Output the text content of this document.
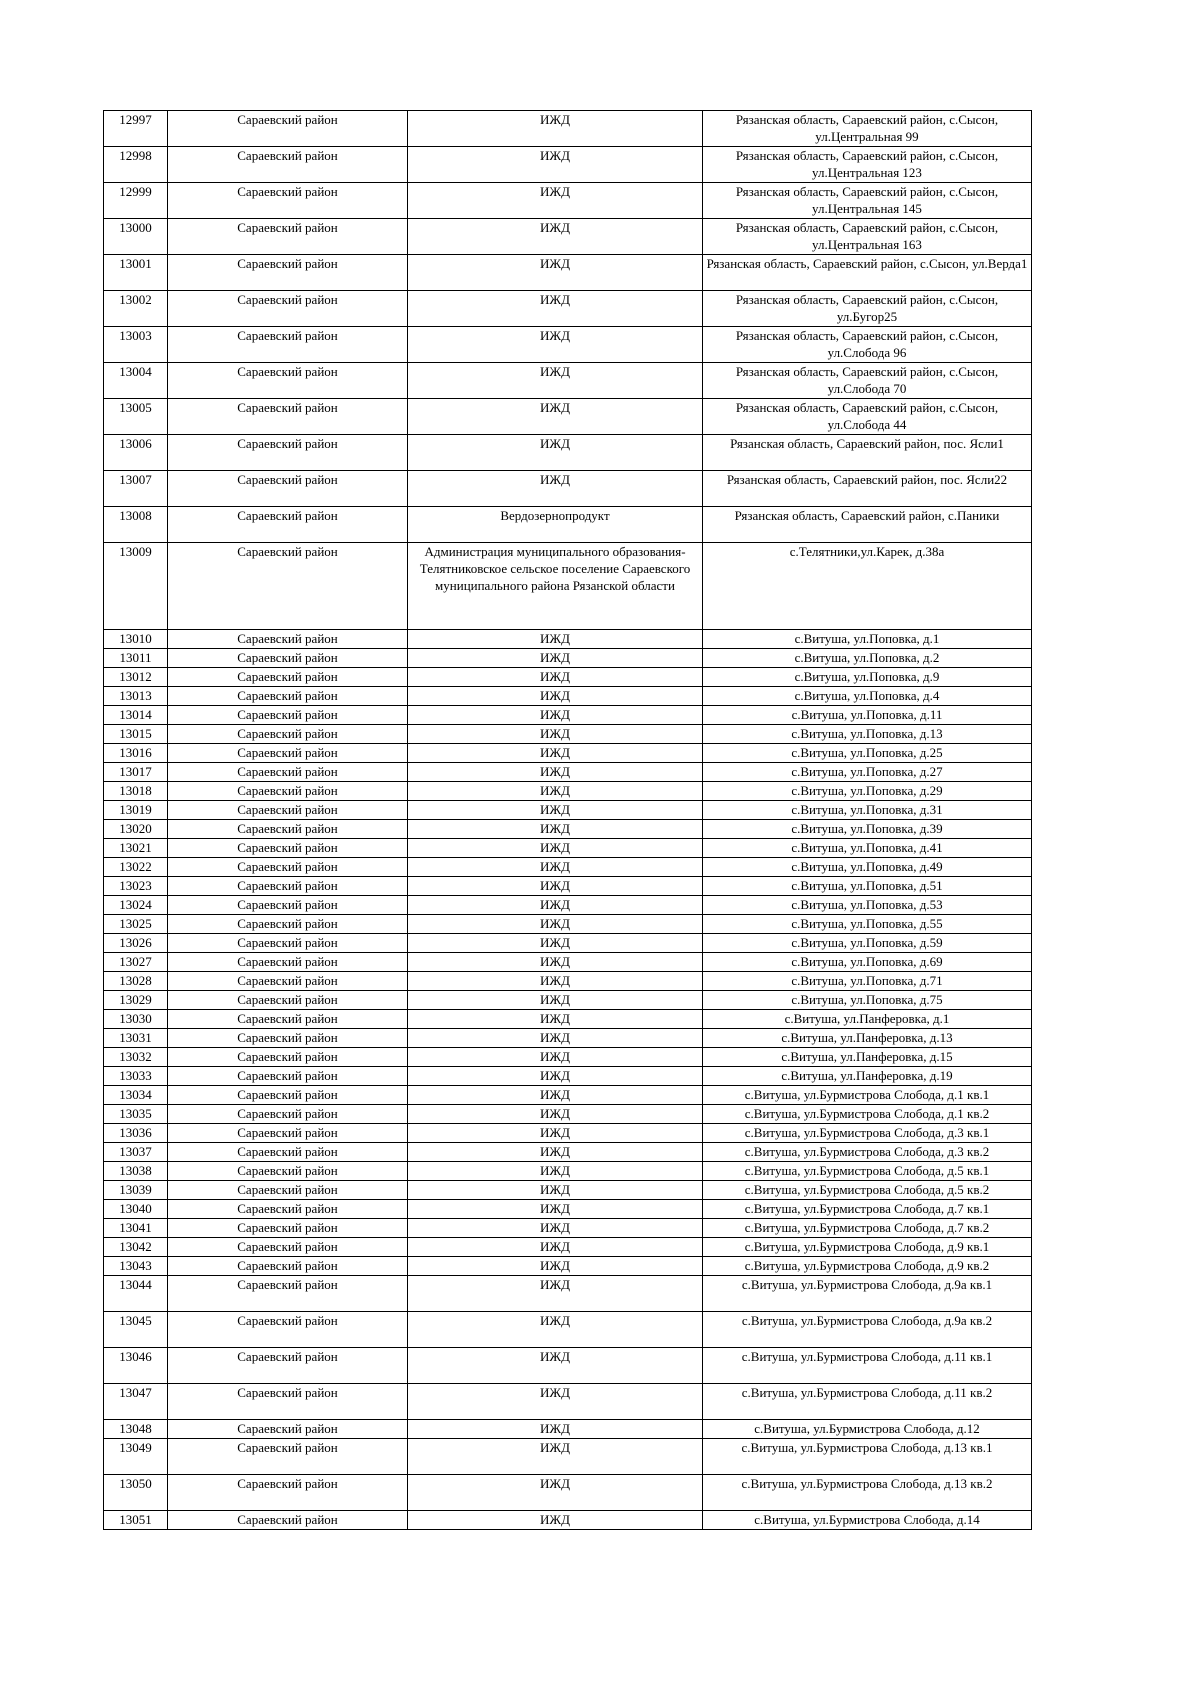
12997	Сараевский район	ИЖД	Рязанская область, Сараевский район, с.Сысон, ул.Центральная 99
12998	Сараевский район	ИЖД	Рязанская область, Сараевский район, с.Сысон, ул.Центральная 123
12999	Сараевский район	ИЖД	Рязанская область, Сараевский район, с.Сысон, ул.Центральная 145
13000	Сараевский район	ИЖД	Рязанская область, Сараевский район, с.Сысон, ул.Центральная 163
13001	Сараевский район	ИЖД	Рязанская область, Сараевский район, с.Сысон, ул.Верда1
13002	Сараевский район	ИЖД	Рязанская область, Сараевский район, с.Сысон, ул.Бугор25
13003	Сараевский район	ИЖД	Рязанская область, Сараевский район, с.Сысон, ул.Слобода 96
13004	Сараевский район	ИЖД	Рязанская область, Сараевский район, с.Сысон, ул.Слобода 70
13005	Сараевский район	ИЖД	Рязанская область, Сараевский район, с.Сысон, ул.Слобода 44
13006	Сараевский район	ИЖД	Рязанская область, Сараевский район, пос. Ясли1
13007	Сараевский район	ИЖД	Рязанская область, Сараевский район, пос. Ясли22
13008	Сараевский район	Вердозернопродукт	Рязанская область, Сараевский район, с.Паники
13009	Сараевский район	Администрация муниципального образования-Телятниковское сельское поселение Сараевского муниципального района Рязанской области	с.Телятники,ул.Карек, д.38а
13010	Сараевский район	ИЖД	с.Витуша, ул.Поповка, д.1
13011	Сараевский район	ИЖД	с.Витуша, ул.Поповка, д.2
13012	Сараевский район	ИЖД	с.Витуша, ул.Поповка, д.9
13013	Сараевский район	ИЖД	с.Витуша, ул.Поповка, д.4
13014	Сараевский район	ИЖД	с.Витуша, ул.Поповка, д.11
13015	Сараевский район	ИЖД	с.Витуша, ул.Поповка, д.13
13016	Сараевский район	ИЖД	с.Витуша, ул.Поповка, д.25
13017	Сараевский район	ИЖД	с.Витуша, ул.Поповка, д.27
13018	Сараевский район	ИЖД	с.Витуша, ул.Поповка, д.29
13019	Сараевский район	ИЖД	с.Витуша, ул.Поповка, д.31
13020	Сараевский район	ИЖД	с.Витуша, ул.Поповка, д.39
13021	Сараевский район	ИЖД	с.Витуша, ул.Поповка, д.41
13022	Сараевский район	ИЖД	с.Витуша, ул.Поповка, д.49
13023	Сараевский район	ИЖД	с.Витуша, ул.Поповка, д.51
13024	Сараевский район	ИЖД	с.Витуша, ул.Поповка, д.53
13025	Сараевский район	ИЖД	с.Витуша, ул.Поповка, д.55
13026	Сараевский район	ИЖД	с.Витуша, ул.Поповка, д.59
13027	Сараевский район	ИЖД	с.Витуша, ул.Поповка, д.69
13028	Сараевский район	ИЖД	с.Витуша, ул.Поповка, д.71
13029	Сараевский район	ИЖД	с.Витуша, ул.Поповка, д.75
13030	Сараевский район	ИЖД	с.Витуша, ул.Панферовка, д.1
13031	Сараевский район	ИЖД	с.Витуша, ул.Панферовка, д.13
13032	Сараевский район	ИЖД	с.Витуша, ул.Панферовка, д.15
13033	Сараевский район	ИЖД	с.Витуша, ул.Панферовка, д.19
13034	Сараевский район	ИЖД	с.Витуша, ул.Бурмистрова Слобода, д.1 кв.1
13035	Сараевский район	ИЖД	с.Витуша, ул.Бурмистрова Слобода, д.1 кв.2
13036	Сараевский район	ИЖД	с.Витуша, ул.Бурмистрова Слобода, д.3 кв.1
13037	Сараевский район	ИЖД	с.Витуша, ул.Бурмистрова Слобода, д.3 кв.2
13038	Сараевский район	ИЖД	с.Витуша, ул.Бурмистрова Слобода, д.5 кв.1
13039	Сараевский район	ИЖД	с.Витуша, ул.Бурмистрова Слобода, д.5 кв.2
13040	Сараевский район	ИЖД	с.Витуша, ул.Бурмистрова Слобода, д.7 кв.1
13041	Сараевский район	ИЖД	с.Витуша, ул.Бурмистрова Слобода, д.7 кв.2
13042	Сараевский район	ИЖД	с.Витуша, ул.Бурмистрова Слобода, д.9 кв.1
13043	Сараевский район	ИЖД	с.Витуша, ул.Бурмистрова Слобода, д.9 кв.2
13044	Сараевский район	ИЖД	с.Витуша, ул.Бурмистрова Слобода, д.9а кв.1
13045	Сараевский район	ИЖД	с.Витуша, ул.Бурмистрова Слобода, д.9а кв.2
13046	Сараевский район	ИЖД	с.Витуша, ул.Бурмистрова Слобода, д.11 кв.1
13047	Сараевский район	ИЖД	с.Витуша, ул.Бурмистрова Слобода, д.11 кв.2
13048	Сараевский район	ИЖД	с.Витуша, ул.Бурмистрова Слобода, д.12
13049	Сараевский район	ИЖД	с.Витуша, ул.Бурмистрова Слобода, д.13 кв.1
13050	Сараевский район	ИЖД	с.Витуша, ул.Бурмистрова Слобода, д.13 кв.2
13051	Сараевский район	ИЖД	с.Витуша, ул.Бурмистрова Слобода, д.14
